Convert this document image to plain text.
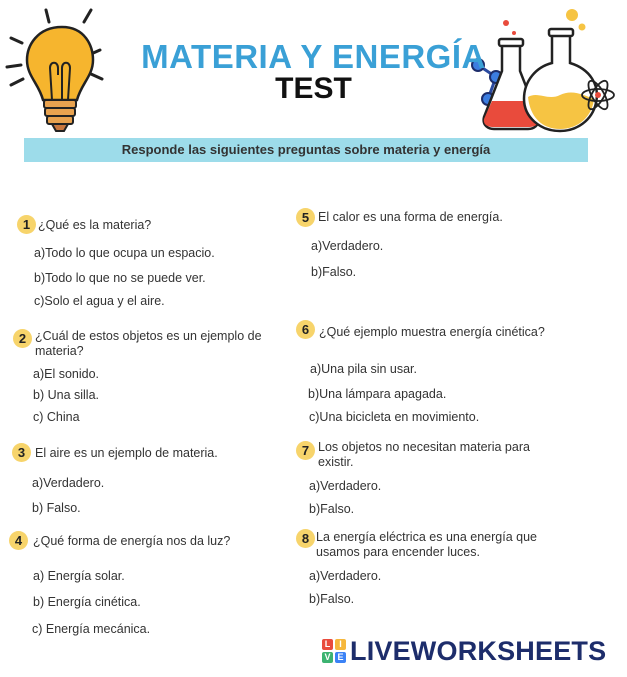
MATERIA Y ENERGÍA
TEST
Responde las siguientes preguntas sobre materia y energía
1 ¿Qué es la materia?
a)Todo lo que ocupa un espacio.
b)Todo lo que no se puede ver.
c)Solo el agua y el aire.
2 ¿Cuál de estos objetos es un ejemplo de materia?
a)El sonido.
b) Una silla.
c) China
3 El aire es un ejemplo de materia.
a)Verdadero.
b) Falso.
4 ¿Qué forma de energía nos da luz?
a) Energía solar.
b) Energía cinética.
c) Energía mecánica.
5 El calor es una forma de energía.
a)Verdadero.
b)Falso.
6 ¿Qué ejemplo muestra energía cinética?
a)Una pila sin usar.
b)Una lámpara apagada.
c)Una bicicleta en movimiento.
7 Los objetos no necesitan materia para existir.
a)Verdadero.
b)Falso.
8 La energía eléctrica es una energía que usamos para encender luces.
a)Verdadero.
b)Falso.
L I
V E LIVEWORKSHEETS
